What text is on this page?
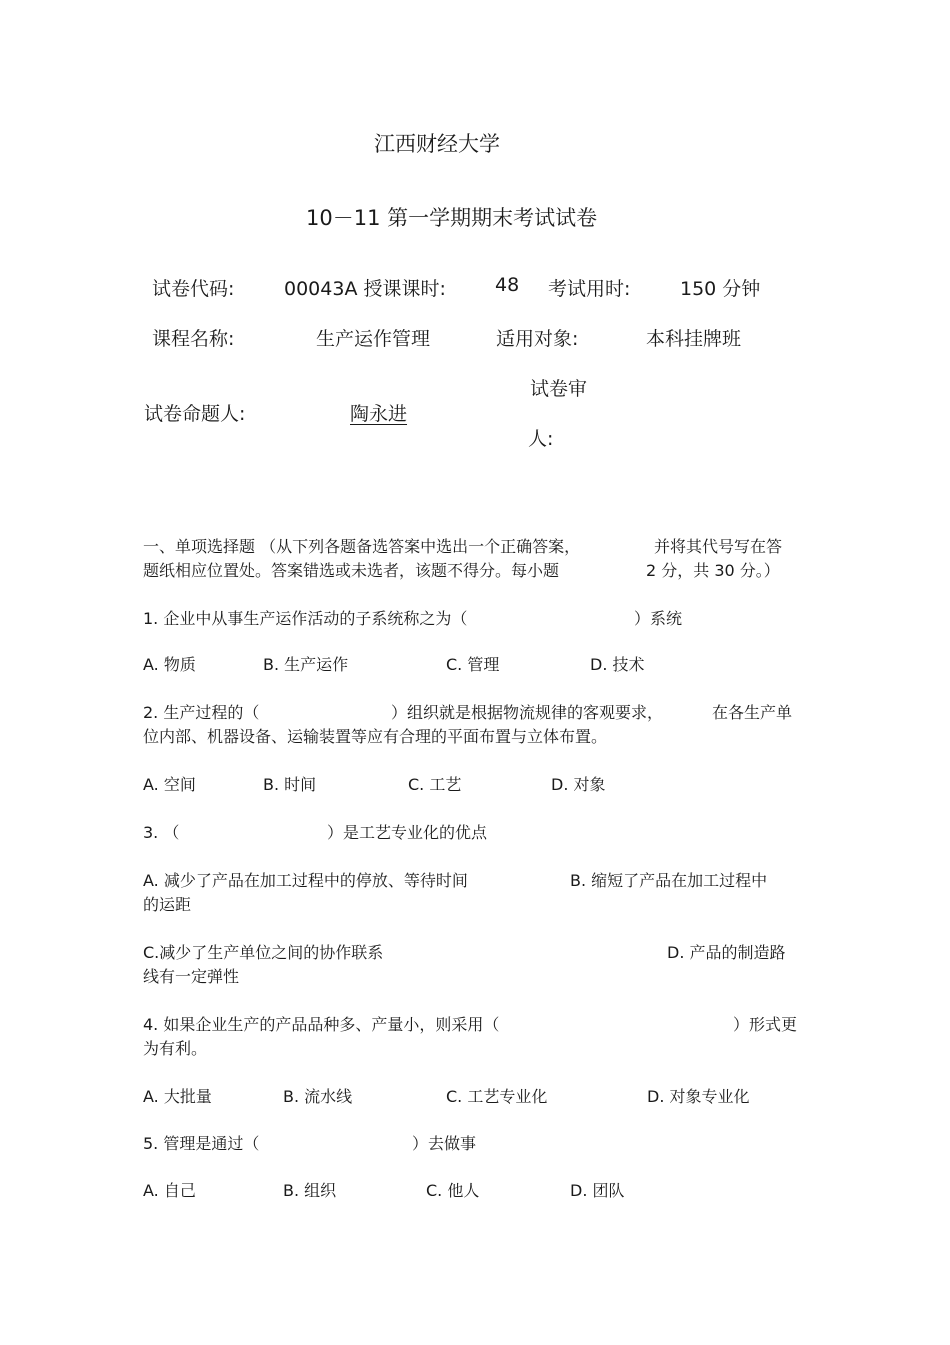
江西财经大学
10－11 第一学期期末考试试卷
试卷代码:	00043A 授课课时:	48 考试用时:	150 分钟
课程名称:	生产运作管理	适用对象:	本科挂牌班
试卷审
试卷命题人:	陶永进
人:
一、单项选择题 （从下列各题备选答案中选出一个正确答案，	并将其代号写在答
题纸相应位置处。答案错选或未选者，该题不得分。每小题	2 分，共 30 分。）
1. 企业中从事生产运作活动的子系统称之为（	）系统
A. 物质	B. 生产运作	C. 管理	D. 技术
2. 生产过程的（	）组织就是根据物流规律的客观要求，	在各生产单
位内部、机器设备、运输装置等应有合理的平面布置与立体布置。
A. 空间	B. 时间	C. 工艺	D. 对象
3. （	）是工艺专业化的优点
A. 减少了产品在加工过程中的停放、等待时间	B. 缩短了产品在加工过程中
的运距
C.减少了生产单位之间的协作联系	D. 产品的制造路
线有一定弹性
4. 如果企业生产的产品品种多、产量小，则采用（	）形式更
为有利。
A. 大批量	B. 流水线	C. 工艺专业化	D. 对象专业化
5. 管理是通过（	）去做事
A. 自己	B. 组织	C. 他人	D. 团队
